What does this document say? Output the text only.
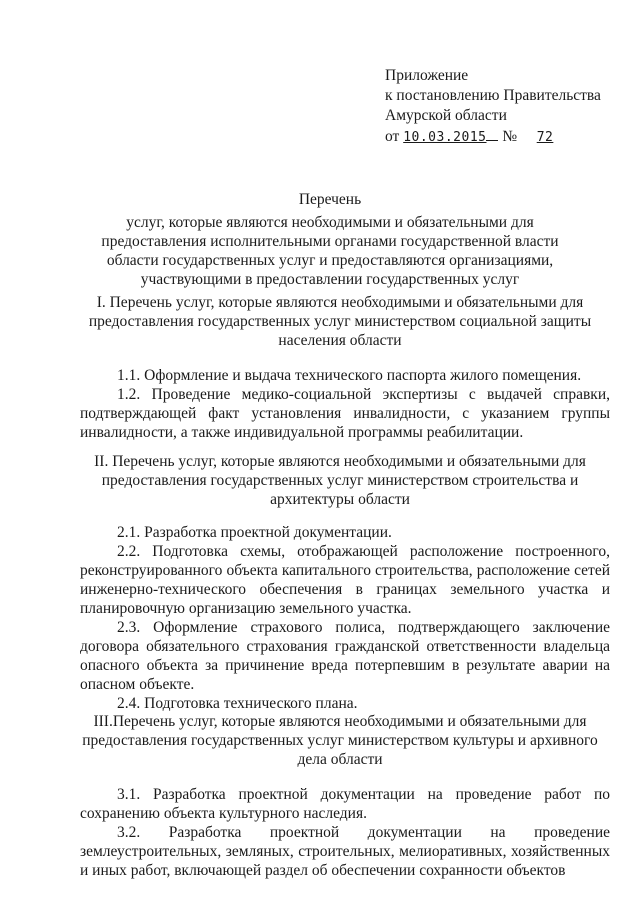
Приложение
к постановлению Правительства
Амурской области
от 10.03.2015 № 72
Перечень
услуг, которые являются необходимыми и обязательными для предоставления исполнительными органами государственной власти области государственных услуг и предоставляются организациями, участвующими в предоставлении государственных услуг
I. Перечень услуг, которые являются необходимыми и обязательными для предоставления государственных услуг министерством социальной защиты населения области

1.1. Оформление и выдача технического паспорта жилого помещения.

1.2. Проведение медико-социальной экспертизы с выдачей справки, подтверждающей факт установления инвалидности, с указанием группы инвалидности, а также индивидуальной программы реабилитации.

II. Перечень услуг, которые являются необходимыми и обязательными для предоставления государственных услуг министерством строительства и архитектуры области

2.1. Разработка проектной документации.

2.2. Подготовка схемы, отображающей расположение построенного, реконструированного объекта капитального строительства, расположение сетей инженерно-технического обеспечения в границах земельного участка и планировочную организацию земельного участка.

2.3. Оформление страхового полиса, подтверждающего заключение договора обязательного страхования гражданской ответственности владельца опасного объекта за причинение вреда потерпевшим в результате аварии на опасном объекте.

2.4. Подготовка технического плана.

III.Перечень услуг, которые являются необходимыми и обязательными для предоставления государственных услуг министерством культуры и архивного дела области

3.1. Разработка проектной документации на проведение работ по сохранению объекта культурного наследия.

3.2. Разработка проектной документации на проведение землеустроительных, земляных, строительных, мелиоративных, хозяйственных и иных работ, включающей раздел об обеспечении сохранности объектов
